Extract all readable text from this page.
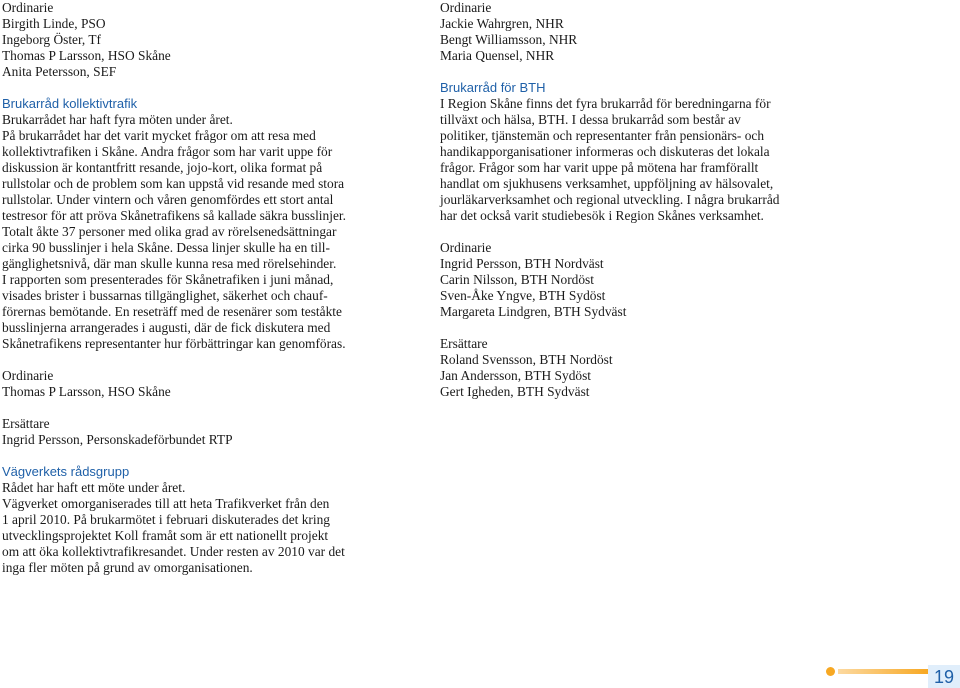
Ordinarie
Birgith Linde, PSO
Ingeborg Öster, Tf
Thomas P Larsson, HSO Skåne
Anita Petersson, SEF
Brukarråd kollektivtrafik
Brukarrådet har haft fyra möten under året.
På brukarrådet har det varit mycket frågor om att resa med
kollektivtrafiken i Skåne. Andra frågor som har varit uppe för
diskussion är kontantfritt resande, jojo-kort, olika format på
rullstolar och de problem som kan uppstå vid resande med stora
rullstolar. Under vintern och våren genomfördes ett stort antal
testresor för att pröva Skånetrafikens så kallade säkra busslinjer.
Totalt åkte 37 personer med olika grad av rörelsenedsättningar
cirka 90 busslinjer i hela Skåne. Dessa linjer skulle ha en till-
gänglighetsnivå, där man skulle kunna resa med rörelsehinder.
I rapporten som presenterades för Skånetrafiken i juni månad,
visades brister i bussarnas tillgänglighet, säkerhet och chauf-
förernas bemötande. En reseträff med de resenärer som teståkte
busslinjerna arrangerades i augusti, där de fick diskutera med
Skånetrafikens representanter hur förbättringar kan genomföras.
Ordinarie
Thomas P Larsson, HSO Skåne
Ersättare
Ingrid Persson, Personskadeförbundet RTP
Vägverkets rådsgrupp
Rådet har haft ett möte under året.
Vägverket omorganiserades till att heta Trafikverket från den
1 april 2010. På brukarmötet i februari diskuterades det kring
utvecklingsprojektet Koll framåt som är ett nationellt projekt
om att öka kollektivtrafikresandet. Under resten av 2010 var det
inga fler möten på grund av omorganisationen.
Ordinarie
Jackie Wahrgren, NHR
Bengt Williamsson, NHR
Maria Quensel, NHR
Brukarråd för BTH
I Region Skåne finns det fyra brukarråd för beredningarna för
tillväxt och hälsa, BTH. I dessa brukarråd som består av
politiker, tjänstemän och representanter från pensionärs- och
handikapporganisationer informeras och diskuteras det lokala
frågor. Frågor som har varit uppe på mötena har framförallt
handlat om sjukhusens verksamhet, uppföljning av hälsovalet,
jourläkarverksamhet och regional utveckling. I några brukarråd
har det också varit studiebesök i Region Skånes verksamhet.
Ordinarie
Ingrid Persson, BTH Nordväst
Carin Nilsson, BTH Nordöst
Sven-Åke Yngve, BTH Sydöst
Margareta Lindgren, BTH Sydväst
Ersättare
Roland Svensson, BTH Nordöst
Jan Andersson, BTH Sydöst
Gert Igheden, BTH Sydväst
19
